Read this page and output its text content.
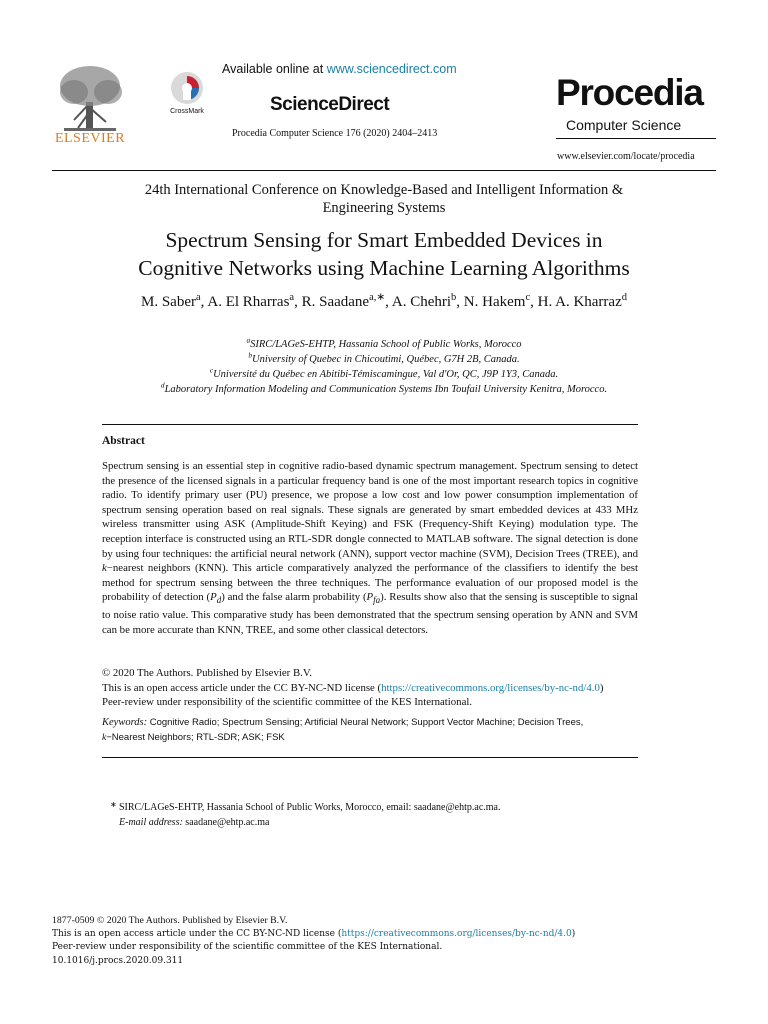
ELSEVIER
CrossMark
Available online at www.sciencedirect.com
ScienceDirect
Procedia Computer Science 176 (2020) 2404–2413
Procedia
Computer Science
www.elsevier.com/locate/procedia
24th International Conference on Knowledge-Based and Intelligent Information &
Engineering Systems
Spectrum Sensing for Smart Embedded Devices in
Cognitive Networks using Machine Learning Algorithms
M. Saber$^a$, A. El Rharras$^a$, R. Saadane$^{a,∗}$, A. Chehri$^b$, N. Hakem$^c$, H. A. Kharraz$^d$
$^a$SIRC/LAGeS-EHTP, Hassania School of Public Works, Morocco
$^b$University of Quebec in Chicoutimi, Québec, G7H 2B, Canada.
$^c$Université du Québec en Abitibi-Témiscamingue, Val d'Or, QC, J9P 1Y3, Canada.
$^d$Laboratory Information Modeling and Communication Systems Ibn Toufail University Kenitra, Morocco.
Abstract
Spectrum sensing is an essential step in cognitive radio-based dynamic spectrum management. Spectrum sensing to detect the presence of the licensed signals in a particular frequency band is one of the most important research topics in cognitive radio. To identify primary user (PU) presence, we propose a low cost and low power consumption implementation of spectrum sensing operation based on real signals. These signals are generated by smart embedded devices at 433 MHz wireless transmitter using ASK (Amplitude-Shift Keying) and FSK (Frequency-Shift Keying) modulation type. The reception interface is constructed using an RTL-SDR dongle connected to MATLAB software. The signal detection is done by using four techniques: the artificial neural network (ANN), support vector machine (SVM), Decision Trees (TREE), and k−nearest neighbors (KNN). This article comparatively analyzed the performance of the classifiers to identify the best method for spectrum sensing between the three techniques. The performance evaluation of our proposed model is the probability of detection $(P_d)$ and the false alarm probability $(P_{fa})$. Results show also that the sensing is susceptible to signal to noise ratio value. This comparative study has been demonstrated that the spectrum sensing operation by ANN and SVM can be more accurate than KNN, TREE, and some other classical detectors.
© 2020 The Authors. Published by Elsevier B.V.
This is an open access article under the CC BY-NC-ND license (https://creativecommons.org/licenses/by-nc-nd/4.0)
Peer-review under responsibility of the scientific committee of the KES International.
Keywords: Cognitive Radio; Spectrum Sensing; Artificial Neural Network; Support Vector Machine; Decision Trees,
k−Nearest Neighbors; RTL-SDR; ASK; FSK
∗ SIRC/LAGeS-EHTP, Hassania School of Public Works, Morocco, email: saadane@ehtp.ac.ma.
E-mail address: saadane@ehtp.ac.ma
1877-0509 © 2020 The Authors. Published by Elsevier B.V.
This is an open access article under the CC BY-NC-ND license (https://creativecommons.org/licenses/by-nc-nd/4.0)
Peer-review under responsibility of the scientific committee of the KES International.
10.1016/j.procs.2020.09.311
